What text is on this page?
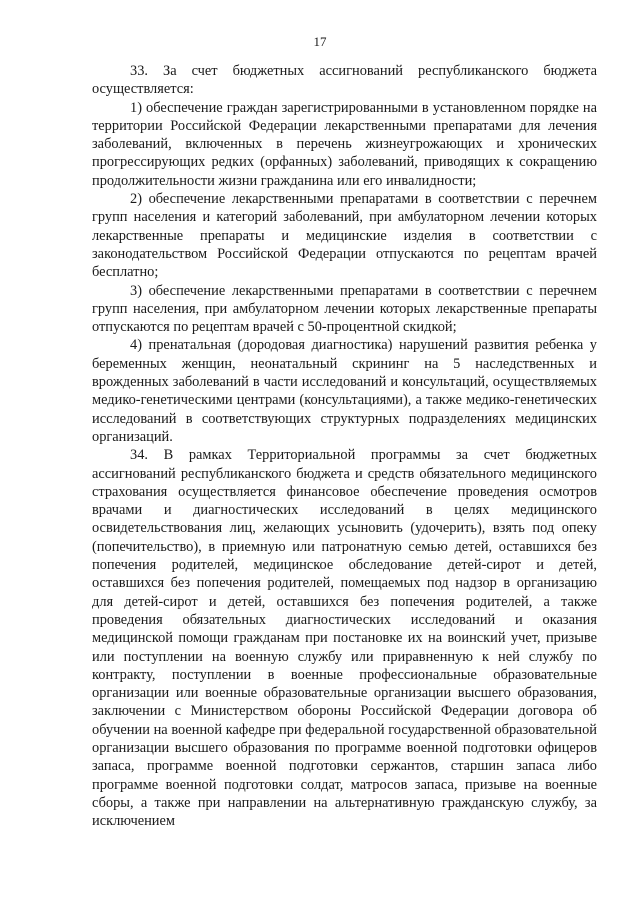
17

33. За счет бюджетных ассигнований республиканского бюджета осуществляется:

1) обеспечение граждан зарегистрированными в установленном порядке на территории Российской Федерации лекарственными препаратами для лечения заболеваний, включенных в перечень жизнеугрожающих и хронических прогрессирующих редких (орфанных) заболеваний, приводящих к сокращению продолжительности жизни гражданина или его инвалидности;

2) обеспечение лекарственными препаратами в соответствии с перечнем групп населения и категорий заболеваний, при амбулаторном лечении которых лекарственные препараты и медицинские изделия в соответствии с законодательством Российской Федерации отпускаются по рецептам врачей бесплатно;

3) обеспечение лекарственными препаратами в соответствии с перечнем групп населения, при амбулаторном лечении которых лекарственные препараты отпускаются по рецептам врачей с 50-процентной скидкой;

4) пренатальная (дородовая диагностика) нарушений развития ребенка у беременных женщин, неонатальный скрининг на 5 наследственных и врожденных заболеваний в части исследований и консультаций, осуществляемых медико-генетическими центрами (консультациями), а также медико-генетических исследований в соответствующих структурных подразделениях медицинских организаций.

34. В рамках Территориальной программы за счет бюджетных ассигнований республиканского бюджета и средств обязательного медицинского страхования осуществляется финансовое обеспечение проведения осмотров врачами и диагностических исследований в целях медицинского освидетельствования лиц, желающих усыновить (удочерить), взять под опеку (попечительство), в приемную или патронатную семью детей, оставшихся без попечения родителей, медицинское обследование детей-сирот и детей, оставшихся без попечения родителей, помещаемых под надзор в организацию для детей-сирот и детей, оставшихся без попечения родителей, а также проведения обязательных диагностических исследований и оказания медицинской помощи гражданам при постановке их на воинский учет, призыве или поступлении на военную службу или приравненную к ней службу по контракту, поступлении в военные профессиональные образовательные организации или военные образовательные организации высшего образования, заключении с Министерством обороны Российской Федерации договора об обучении на военной кафедре при федеральной государственной образовательной организации высшего образования по программе военной подготовки офицеров запаса, программе военной подготовки сержантов, старшин запаса либо программе военной подготовки солдат, матросов запаса, призыве на военные сборы, а также при направлении на альтернативную гражданскую службу, за исключением
